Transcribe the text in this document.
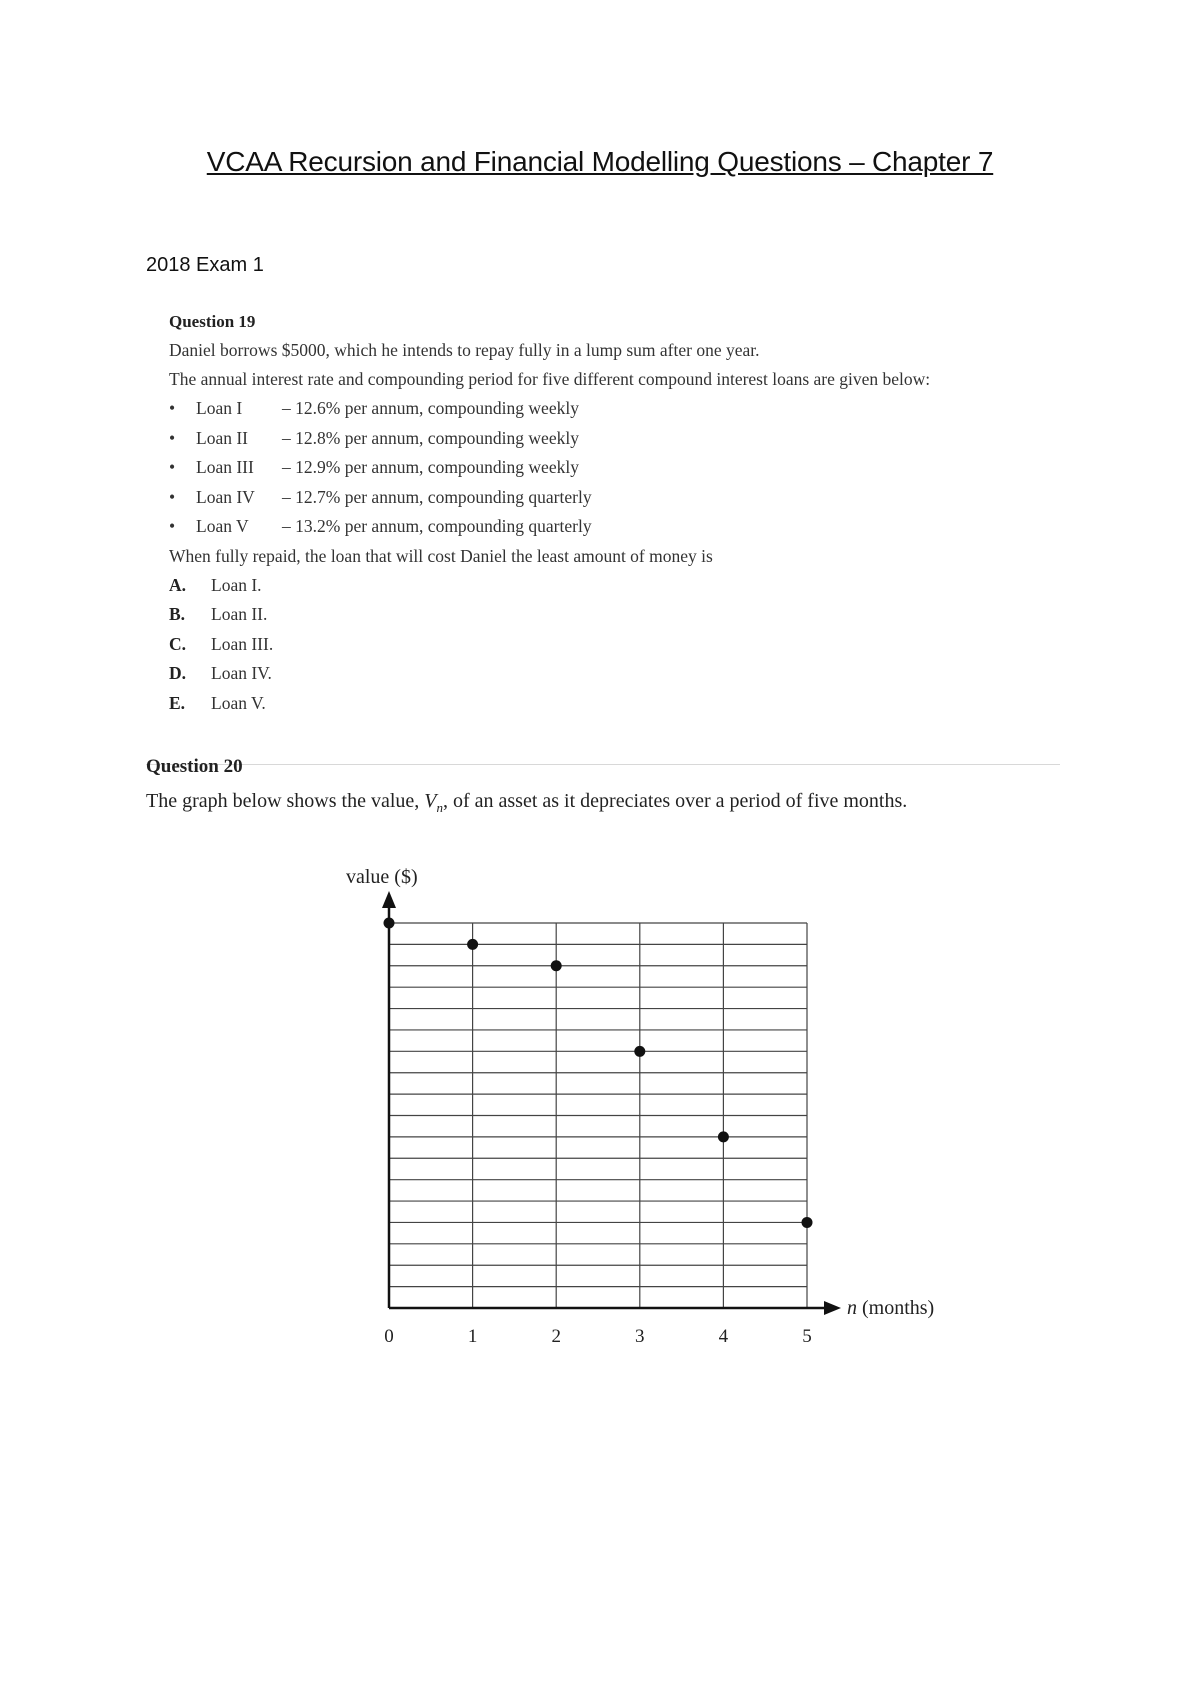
VCAA Recursion and Financial Modelling Questions – Chapter 7
2018 Exam 1
Question 19
Daniel borrows $5000, which he intends to repay fully in a lump sum after one year.
The annual interest rate and compounding period for five different compound interest loans are given below:
• Loan I – 12.6% per annum, compounding weekly
• Loan II – 12.8% per annum, compounding weekly
• Loan III – 12.9% per annum, compounding weekly
• Loan IV – 12.7% per annum, compounding quarterly
• Loan V – 13.2% per annum, compounding quarterly
When fully repaid, the loan that will cost Daniel the least amount of money is
A. Loan I.
B. Loan II.
C. Loan III.
D. Loan IV.
E. Loan V.
Question 20
The graph below shows the value, $V_n$, of an asset as it depreciates over a period of five months.
value ($)
n (months)
0	1	2	3	4	5
